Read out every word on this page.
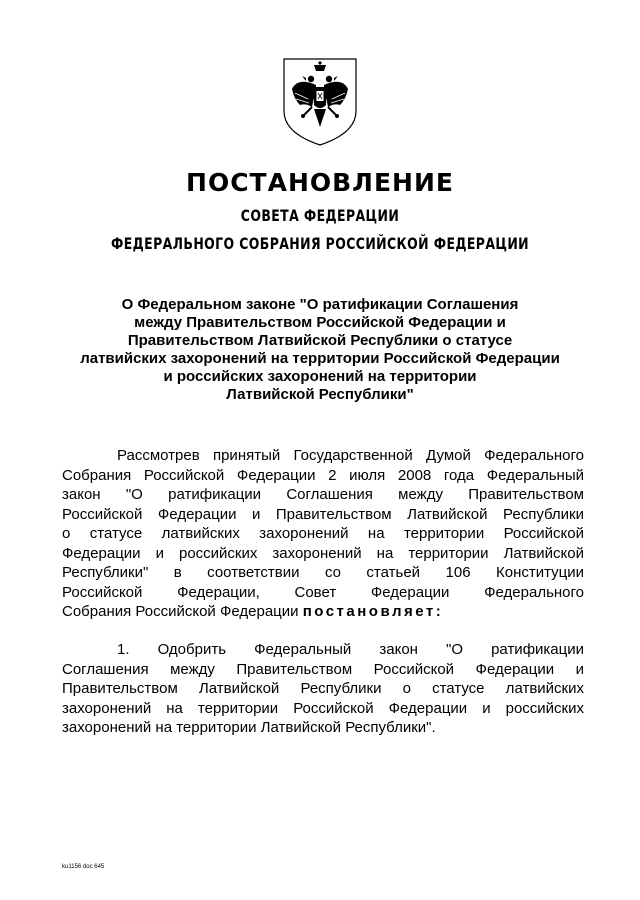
ПОСТАНОВЛЕНИЕ
СОВЕТА ФЕДЕРАЦИИ
ФЕДЕРАЛЬНОГО СОБРАНИЯ РОССИЙСКОЙ ФЕДЕРАЦИИ
О Федеральном законе "О ратификации Соглашения
между Правительством Российской Федерации и
Правительством Латвийской Республики о статусе
латвийских захоронений на территории Российской Федерации
и российских захоронений на территории
Латвийской Республики"
Рассмотрев принятый Государственной Думой Федерального
Собрания Российской Федерации 2 июля 2008 года Федеральный
закон "О ратификации Соглашения между Правительством
Российской Федерации и Правительством Латвийской Республики
о статусе латвийских захоронений на территории Российской
Федерации и российских захоронений на территории Латвийской
Республики" в соответствии со статьей 106 Конституции
Российской Федерации, Совет Федерации Федерального
Собрания Российской Федерации постановляет:
1. Одобрить Федеральный закон "О ратификации
Соглашения между Правительством Российской Федерации и
Правительством Латвийской Республики о статусе латвийских
захоронений на территории Российской Федерации и российских
захоронений на территории Латвийской Республики".
ku1156 doc 645
